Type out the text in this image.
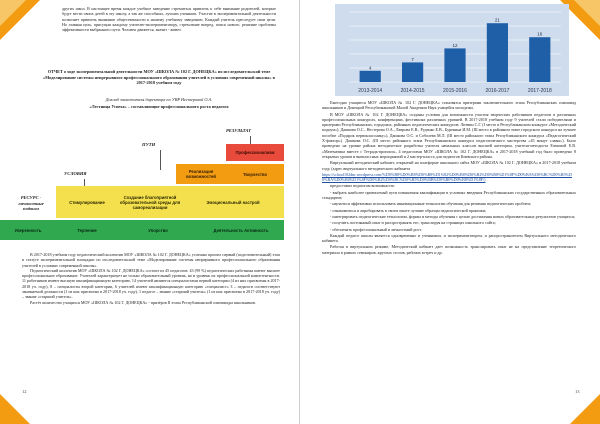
других школ. В настоящее время каждое учебное заведение стремиться привлечь к себе внимание родителей, которые будут вести своих детей в эту школу, а так же способных, лучших учеников. Участие в экспериментальной деятельности позволяет привлечь внимание общественности к нашему учебному заведению. Каждый учитель преследует свои цели. Но главная цель, присущая каждому учителю-экспериментатору, стремление вперед, поиск нового, решение проблемы эффективности выбранного пути. Человек движется, значит - живет.
ОТЧЕТ о ходе экспериментальной деятельности МОУ «ШКОЛА № 102 Г. ДОНЕЦКА» по исследовательской теме «Моделирование системы непрерывного профессионального образования учителей в условиях современной школы» в 2017-2018 учебном году
Доклад заместителя директора по УВР Нестеровой О.А.
«Лестница Успеха» – составляющие профессионального роста педагога
РЕЗУЛЬТАТ
ПУТИ
УСЛОВИЯ
РЕСУРС - личностные подвиги
Профессионализм
Реализация возможностей	Творчество
Стимулирование
Создание благоприятной образовательной среды для самореализации
Эмоциональный настрой
Уверенность	Терпение	Упорство	Деятельность Активность

В 2017-2018 учебном году педагогический коллектив МОУ «ШКОЛА № 102 Г. ДОНЕЦКА» успешно прошел первый (подготовительный) этап в статусе экспериментальной площадки по исследовательской теме «Моделирование системы непрерывного профессионального образования учителей в условиях современной школы».

Педагогический коллектив МОУ «ШКОЛА № 102 Г. ДОНЕЦКА» состоит из 45 педагогов: 43 (99 %) педагогических работника имеют высшее профессиональное образование. Учителей характеризует не только образовательный уровень, но и уровень их профессиональной компетентности. 11 работников имеют высшую квалификационную категорию, 14 учителей являются специалистами первой категории (4 из них присвоены в 2017-2018 уч. году), 8 – специалисты второй категории, 6 учителей имеют квалификационную категорию «специалист» 3 – педагоги соответствуют занимаемой должности (1 из них присвоено в 2017-2018 уч. году), 1 педагог – звание «старший учитель» (1 из них присвоено в 2017-2018 уч. году) – звание «старший учитель».

Растёт количество учащихся МОУ «ШКОЛА № 102 Г. ДОНЕЦКА» - призёров II этапа Республиканской олимпиады школьников.

12
2013-2014	2014-2015	2015-2016	2016-2017	2017-2018
4
7
12
21
16

Ежегодно учащиеся МОУ «ШКОЛА № 102 Г. ДОНЕЦКА» становятся призерами заключительного этапа Республиканских олимпиад школьников и Донецкой Республиканской Малой Академии Наук учащейся молодежи.

В МОУ «ШКОЛА № 102 Г. ДОНЕЦКА» созданы условия для возможности участия творческих работников педагогов в различных профессиональных конкурсах, конференциях, фестивалях различных уровней. В 2017-2018 учебном году 9 учителей стали победителями и призерами Республиканских, городских, районных педагогических конкурсов: Литвин С.Г. (I место в Республиканском конкурсе «Методический подиум»), Дашкова О.С., Нестерова О.А., Лаврова Е.В., Руденко Е.В., Буренина И.М. (III место в районном этапе городского конкурса на лучшее пособие «Подарок первокласснику»), Дашкова О.С. и Соболева М.Л. (III место районного этапа Республиканского конкурса «Педагогический Х-фактор»). Дашкова О.С. (III место районного этапа Республиканского конкурса педагогического мастерства «45 минут славы»). Было проведено на уровне района методическое разработка учителя начальных классов высшей категории, учителя-методиста Езековой Е.В. «Математика вместе с Тетрадь-прописи», 4 педагогами МОУ «ШКОЛА № 102 Г. ДОНЕЦКА» в 2017-2018 учебный год было проведено 8 открытых уроков и внеклассных мероприятий и 2 мастер-класса для педагогов Киевского района.

Виртуальный методический кабинет, открытый на платформе школьного сайта МОУ «ШКОЛА № 102 Г. ДОНЕЦКА» в 2017-2018 учебном году, (адрес виртуального методического кабинета

https://school102dnr.wordpress.com/%D0%B8%D0%B8%D0%B8%D1%82%D0%B8%D0%B2%D0%B8%D1%8F%D0%BA%D0%BC%D0%B5%D0%BA%D0%B0%D1%8F%D0%B2%D0%BC%D0%B5%D0%BB%D0%B0%D0%B8%D1%8F/)

предоставил педагогам возможность:

- выбрать наиболее приемлемый пути повышения квалификации в условиях введения Республиканских государственных образовательных стандартов;

- научиться эффективно использовать инновационные технологии обучения для решения педагогических проблем;

- ознакомиться и апробировать в своем опыте лучшие образцы педагогической практики;

- интегрировать педагогические технологии, формы и методы обучения с целью достижения новых образовательных результатов учащихся;

- получить постоянный опыт и распространять его, транслируя на страницах школьного сайта;

- обеспечить профессиональный и личностный рост.

Каждый педагог школы является одновременно и ученником, и экспериментатором, и распространителем Виртуального методического кабинета.

Работая в виртуальном режиме, Методический кабинет дает возможность транслировать опыт не на представление теоретического материала в рамках семинаров, круглых столов, рабочих встреч и др.

13
